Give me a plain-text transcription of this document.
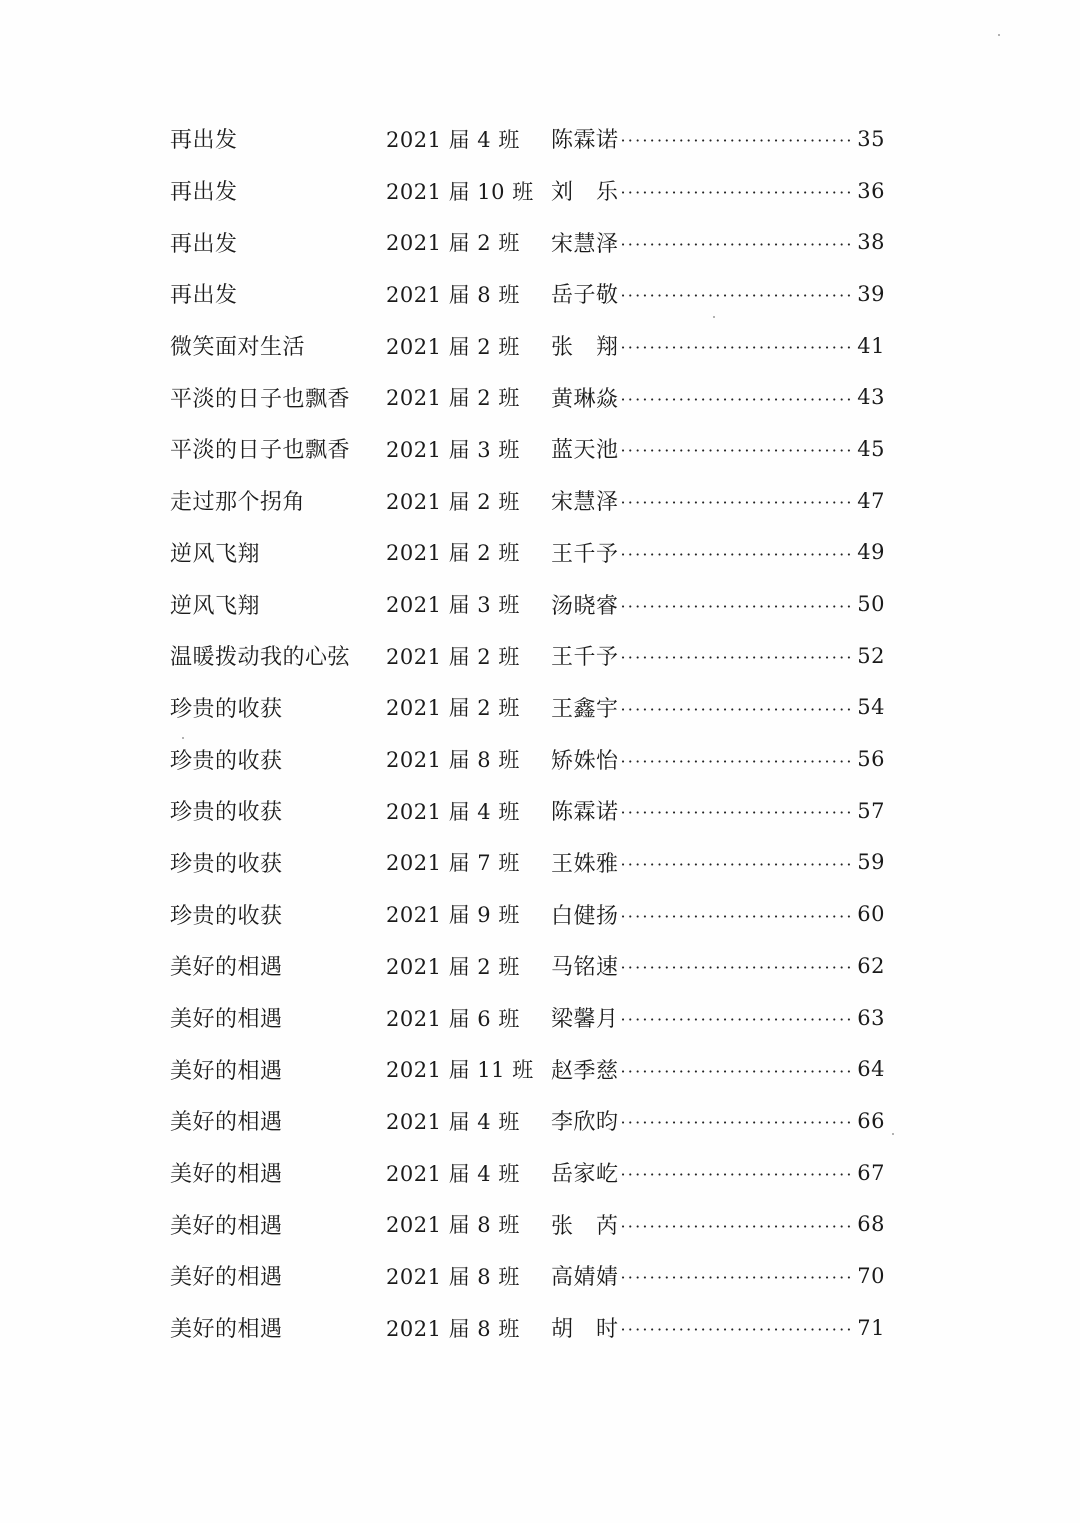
再出发	2021 届 4 班	陈霖诺 ·····	35
再出发	2021 届 10 班 刘　乐 ·····	36
再出发	2021 届 2 班	宋慧泽 ·····	38
再出发	2021 届 8 班	岳子敬 ·····	39
微笑面对生活	2021 届 2 班	张　翔 ·····	41
平淡的日子也飘香	2021 届 2 班	黄琳焱 ·····	43
平淡的日子也飘香	2021 届 3 班	蓝天池 ·····	45
走过那个拐角	2021 届 2 班	宋慧泽 ·····	47
逆风飞翔	2021 届 2 班	王千予 ·····	49
逆风飞翔	2021 届 3 班	汤晓睿 ·····	50
温暖拨动我的心弦	2021 届 2 班	王千予 ·····	52
珍贵的收获	2021 届 2 班	王鑫宇 ·····	54
珍贵的收获	2021 届 8 班	矫姝怡 ·····	56
珍贵的收获	2021 届 4 班	陈霖诺 ·····	57
珍贵的收获	2021 届 7 班	王姝雅 ·····	59
珍贵的收获	2021 届 9 班	白健扬 ·····	60
美好的相遇	2021 届 2 班	马铭速 ·····	62
美好的相遇	2021 届 6 班	梁馨月 ·····	63
美好的相遇	2021 届 11 班 赵季慈 ·····	64
美好的相遇	2021 届 4 班	李欣昀 ·····	66
美好的相遇	2021 届 4 班	岳家屹 ·····	67
美好的相遇	2021 届 8 班	张　芮 ·····	68
美好的相遇	2021 届 8 班	高婧婧 ·····	70
美好的相遇	2021 届 8 班	胡　时 ·····	71
